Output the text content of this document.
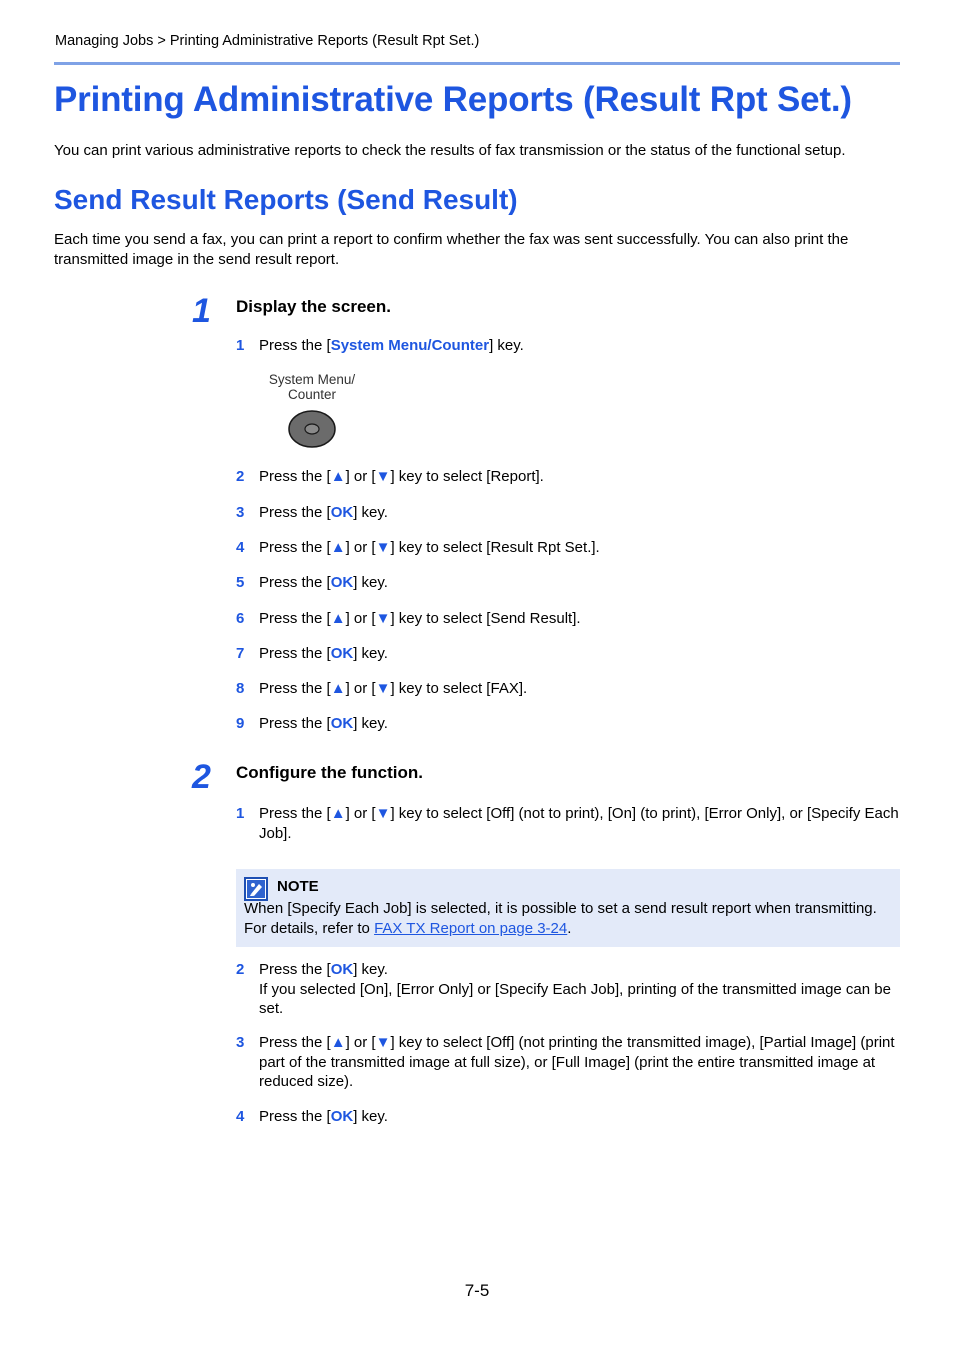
Managing Jobs > Printing Administrative Reports (Result Rpt Set.)
Printing Administrative Reports (Result Rpt Set.)
You can print various administrative reports to check the results of fax transmission or the status of the functional setup.
Send Result Reports (Send Result)
Each time you send a fax, you can print a report to confirm whether the fax was sent successfully. You can also print the transmitted image in the send result report.
1 Display the screen.
1 Press the [System Menu/Counter] key.
System Menu/
Counter
2 Press the [▲] or [▼] key to select [Report].
3 Press the [OK] key.
4 Press the [▲] or [▼] key to select [Result Rpt Set.].
5 Press the [OK] key.
6 Press the [▲] or [▼] key to select [Send Result].
7 Press the [OK] key.
8 Press the [▲] or [▼] key to select [FAX].
9 Press the [OK] key.
2 Configure the function.
1 Press the [▲] or [▼] key to select [Off] (not to print), [On] (to print), [Error Only], or [Specify Each Job].
NOTE
When [Specify Each Job] is selected, it is possible to set a send result report when transmitting. For details, refer to FAX TX Report on page 3-24.
2 Press the [OK] key.
If you selected [On], [Error Only] or [Specify Each Job], printing of the transmitted image can be set.
3 Press the [▲] or [▼] key to select [Off] (not printing the transmitted image), [Partial Image] (print part of the transmitted image at full size), or [Full Image] (print the entire transmitted image at reduced size).
4 Press the [OK] key.
7-5
